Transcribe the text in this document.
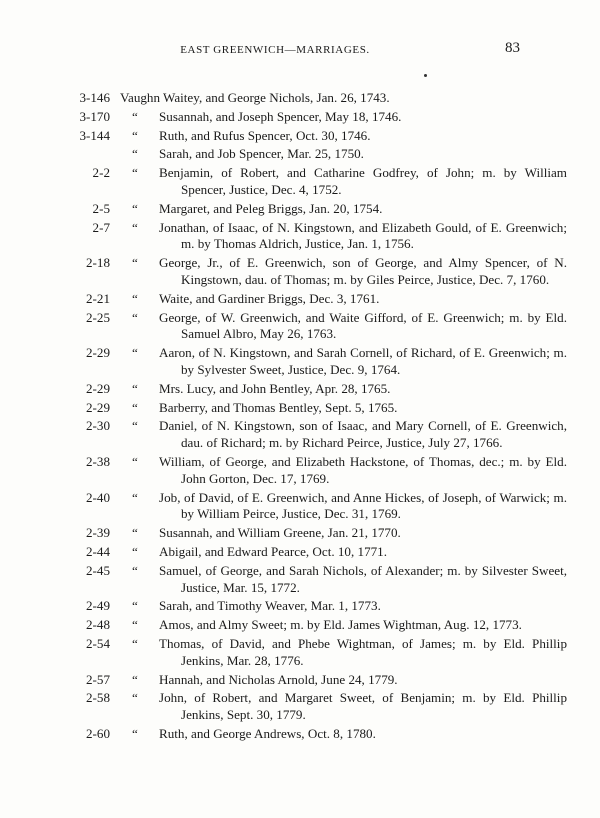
EAST GREENWICH—MARRIAGES.	83
3-146 Vaughn Waitey, and George Nichols, Jan. 26, 1743.
3-170 “ Susannah, and Joseph Spencer, May 18, 1746.
3-144 “ Ruth, and Rufus Spencer, Oct. 30, 1746.
“ Sarah, and Job Spencer, Mar. 25, 1750.
2-2 “ Benjamin, of Robert, and Catharine Godfrey, of John; m. by William Spencer, Justice, Dec. 4, 1752.
2-5 “ Margaret, and Peleg Briggs, Jan. 20, 1754.
2-7 “ Jonathan, of Isaac, of N. Kingstown, and Elizabeth Gould, of E. Greenwich; m. by Thomas Aldrich, Justice, Jan. 1, 1756.
2-18 “ George, Jr., of E. Greenwich, son of George, and Almy Spencer, of N. Kingstown, dau. of Thomas; m. by Giles Peirce, Justice, Dec. 7, 1760.
2-21 “ Waite, and Gardiner Briggs, Dec. 3, 1761.
2-25 “ George, of W. Greenwich, and Waite Gifford, of E. Greenwich; m. by Eld. Samuel Albro, May 26, 1763.
2-29 “ Aaron, of N. Kingstown, and Sarah Cornell, of Richard, of E. Greenwich; m. by Sylvester Sweet, Justice, Dec. 9, 1764.
2-29 “ Mrs. Lucy, and John Bentley, Apr. 28, 1765.
2-29 “ Barberry, and Thomas Bentley, Sept. 5, 1765.
2-30 “ Daniel, of N. Kingstown, son of Isaac, and Mary Cornell, of E. Greenwich, dau. of Richard; m. by Richard Peirce, Justice, July 27, 1766.
2-38 “ William, of George, and Elizabeth Hackstone, of Thomas, dec.; m. by Eld. John Gorton, Dec. 17, 1769.
2-40 “ Job, of David, of E. Greenwich, and Anne Hickes, of Joseph, of Warwick; m. by William Peirce, Justice, Dec. 31, 1769.
2-39 “ Susannah, and William Greene, Jan. 21, 1770.
2-44 “ Abigail, and Edward Pearce, Oct. 10, 1771.
2-45 “ Samuel, of George, and Sarah Nichols, of Alexander; m. by Silvester Sweet, Justice, Mar. 15, 1772.
2-49 “ Sarah, and Timothy Weaver, Mar. 1, 1773.
2-48 “ Amos, and Almy Sweet; m. by Eld. James Wightman, Aug. 12, 1773.
2-54 “ Thomas, of David, and Phebe Wightman, of James; m. by Eld. Phillip Jenkins, Mar. 28, 1776.
2-57 “ Hannah, and Nicholas Arnold, June 24, 1779.
2-58 “ John, of Robert, and Margaret Sweet, of Benjamin; m. by Eld. Phillip Jenkins, Sept. 30, 1779.
2-60 “ Ruth, and George Andrews, Oct. 8, 1780.
